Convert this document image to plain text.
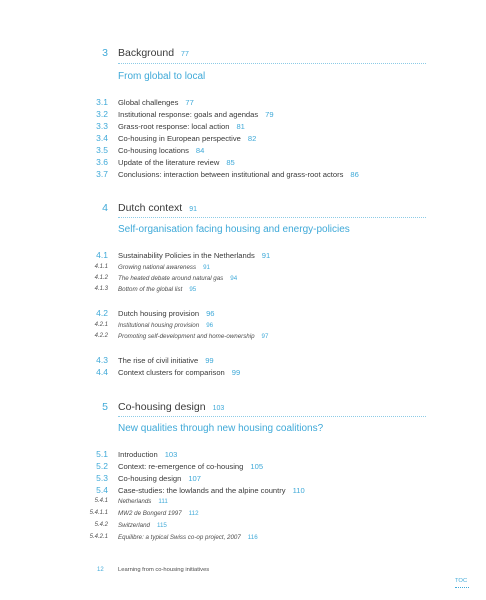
3 Background 77
From global to local
3.1 Global challenges 77
3.2 Institutional response: goals and agendas 79
3.3 Grass-root response: local action 81
3.4 Co-housing in European perspective 82
3.5 Co-housing locations 84
3.6 Update of the literature review 85
3.7 Conclusions: interaction between institutional and grass-root actors 86
4 Dutch context 91
Self-organisation facing housing and energy-policies
4.1 Sustainability Policies in the Netherlands 91
4.1.1 Growing national awareness 91
4.1.2 The heated debate around natural gas 94
4.1.3 Bottom of the global list 95
4.2 Dutch housing provision 96
4.2.1 Institutional housing provision 96
4.2.2 Promoting self-development and home-ownership 97
4.3 The rise of civil initiative 99
4.4 Context clusters for comparison 99
5 Co-housing design 103
New qualities through new housing coalitions?
5.1 Introduction 103
5.2 Context: re-emergence of co-housing 105
5.3 Co-housing design 107
5.4 Case-studies: the lowlands and the alpine country 110
5.4.1 Netherlands 111
5.4.1.1 MW2 de Bongerd 1997 112
5.4.2 Switzerland 115
5.4.2.1 Equilibre: a typical Swiss co-op project, 2007 116
12 Learning from co-housing initiatives
TOC
